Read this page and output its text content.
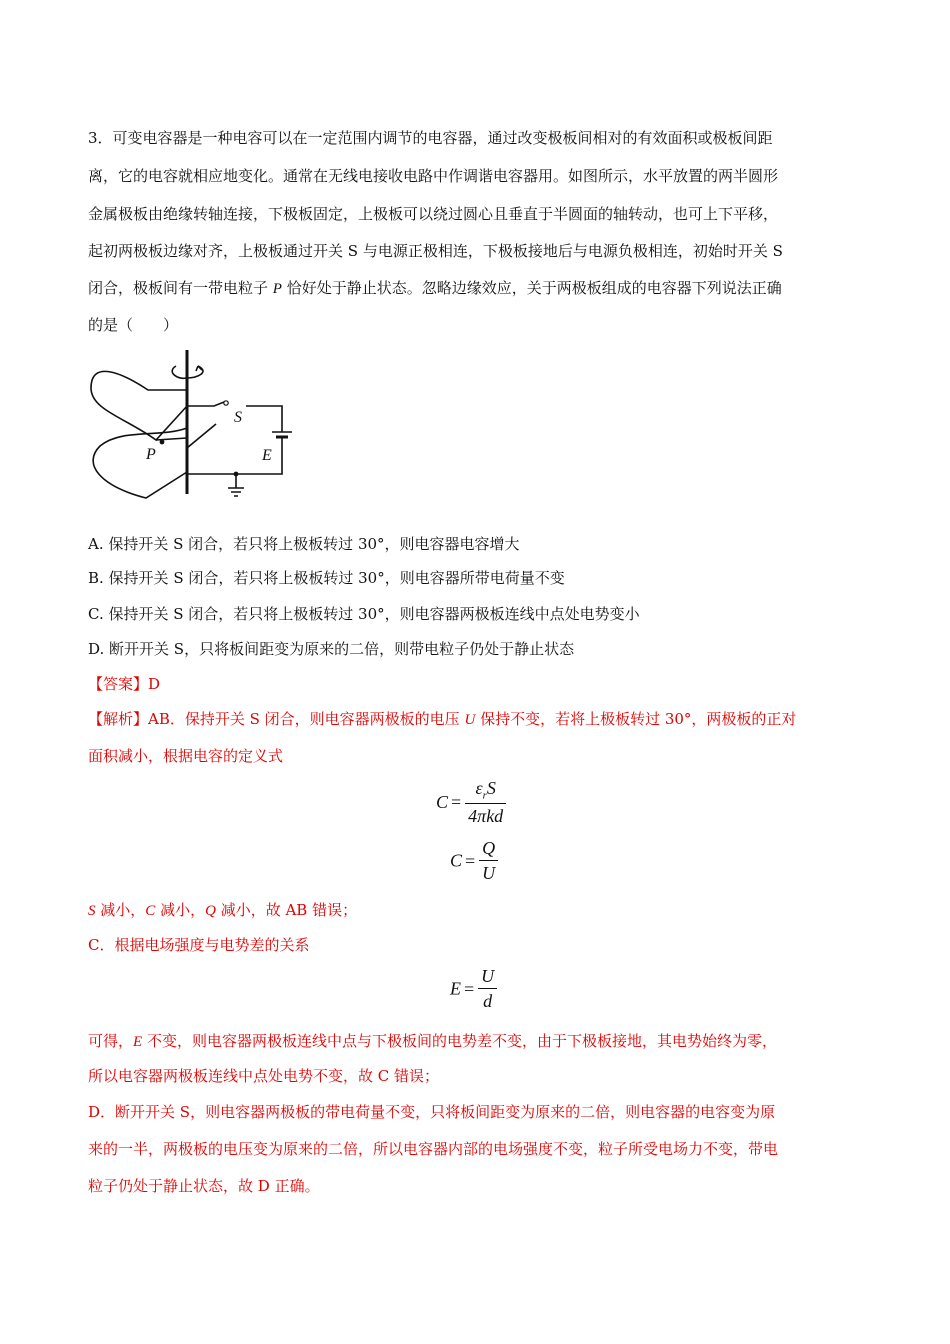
3．可变电容器是一种电容可以在一定范围内调节的电容器，通过改变极板间相对的有效面积或极板间距
离，它的电容就相应地变化。通常在无线电接收电路中作调谐电容器用。如图所示，水平放置的两半圆形
金属极板由绝缘转轴连接，下极板固定，上极板可以绕过圆心且垂直于半圆面的轴转动，也可上下平移，
起初两极板边缘对齐，上极板通过开关 S 与电源正极相连，下极板接地后与电源负极相连，初始时开关 S
闭合，极板间有一带电粒子 P 恰好处于静止状态。忽略边缘效应，关于两极板组成的电容器下列说法正确
的是（　　）
S
P	E
A. 保持开关 S 闭合，若只将上极板转过 30°，则电容器电容增大
B. 保持开关 S 闭合，若只将上极板转过 30°，则电容器所带电荷量不变
C. 保持开关 S 闭合，若只将上极板转过 30°，则电容器两极板连线中点处电势变小
D. 断开开关 S，只将板间距变为原来的二倍，则带电粒子仍处于静止状态
【答案】D
【解析】AB．保持开关 S 闭合，则电容器两极板的电压 U 保持不变，若将上极板转过 30°，两极板的正对
面积减小，根据电容的定义式
$C = \frac{\varepsilon_rS}{\text{4πkd}}$
$C = \frac{Q}{U}$
S 减小，C 减小，Q 减小，故 AB 错误；
C．根据电场强度与电势差的关系
$E = \frac{U}{d}$
可得，E 不变，则电容器两极板连线中点与下极板间的电势差不变，由于下极板接地，其电势始终为零，
所以电容器两极板连线中点处电势不变，故 C 错误；
D．断开开关 S，则电容器两极板的带电荷量不变，只将板间距变为原来的二倍，则电容器的电容变为原
来的一半，两极板的电压变为原来的二倍，所以电容器内部的电场强度不变，粒子所受电场力不变，带电
粒子仍处于静止状态，故 D 正确。
